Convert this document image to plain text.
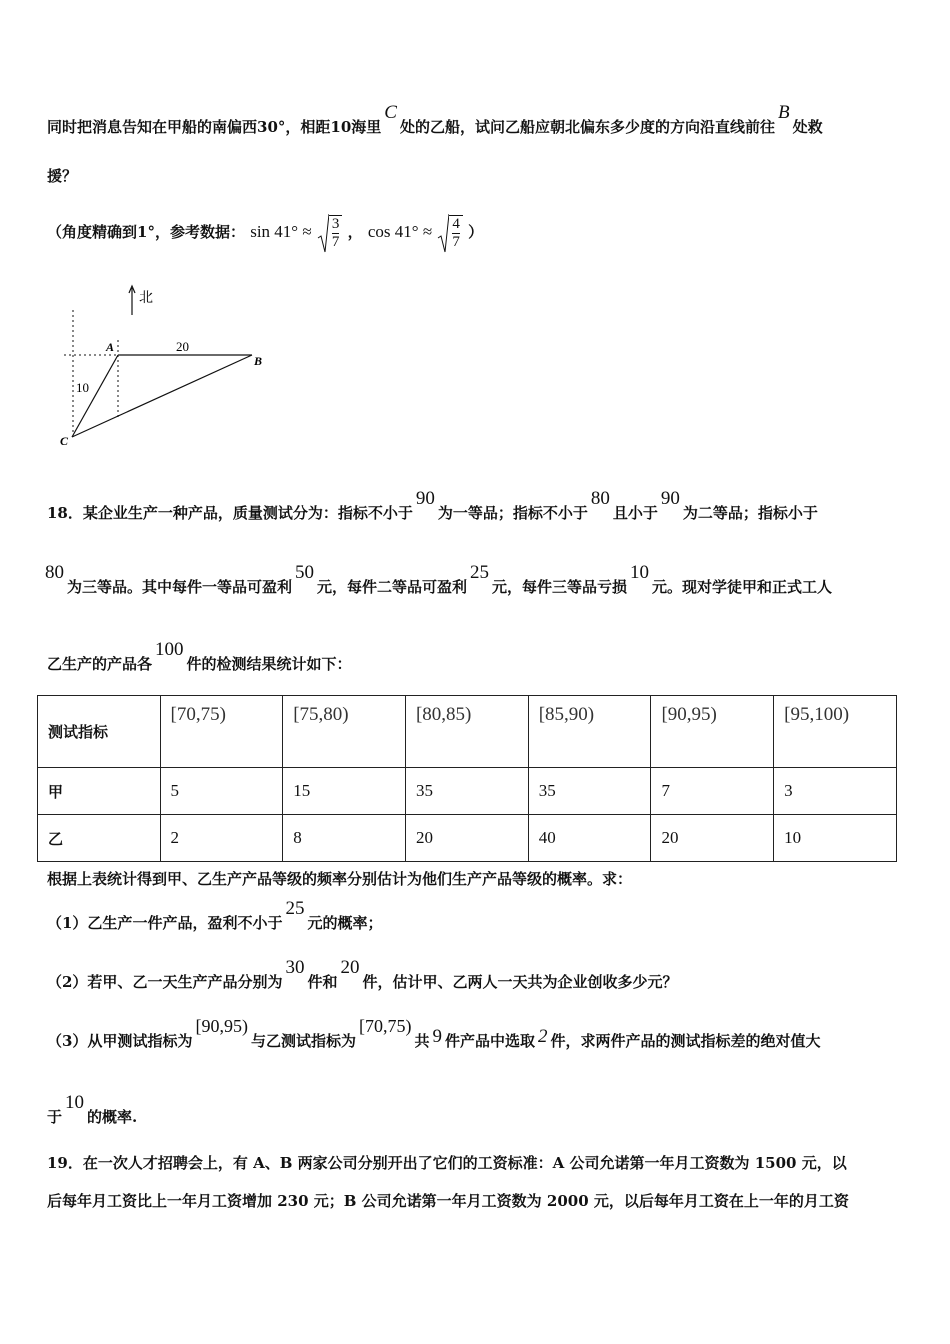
同时把消息告知在甲船的南偏西30°，相距10海里C处的乙船，试问乙船应朝北偏东多少度的方向沿直线前往B处救
援？
（角度精确到1°，参考数据： $\sin 41^\circ \approx \frac{3}{7}$ ， $\cos 41^\circ \approx \frac{4}{7}$ ）
北
A
B
C
20
10
18．某企业生产一种产品，质量测试分为：指标不小于90为一等品；指标不小于80且小于90为二等品；指标小于
80为三等品。其中每件一等品可盈利50元，每件二等品可盈利25元，每件三等品亏损10元。现对学徒甲和正式工人
乙生产的产品各100件的检测结果统计如下：
测试指标	[70,75)	[75,80)	[80,85)	[85,90)	[90,95)	[95,100)
甲	5	15	35	35	7	3
乙	2	8	20	40	20	10
根据上表统计得到甲、乙生产产品等级的频率分别估计为他们生产产品等级的概率。求：
（1）乙生产一件产品，盈利不小于25元的概率；
（2）若甲、乙一天生产产品分别为30件和20件，估计甲、乙两人一天共为企业创收多少元？
（3）从甲测试指标为[90,95)与乙测试指标为[70,75)共 9 件产品中选取 2 件，求两件产品的测试指标差的绝对值大
于10的概率.
19．在一次人才招聘会上，有 A、B 两家公司分别开出了它们的工资标准：A 公司允诺第一年月工资数为 1500 元，以
后每年月工资比上一年月工资增加 230 元；B 公司允诺第一年月工资数为 2000 元，以后每年月工资在上一年的月工资
